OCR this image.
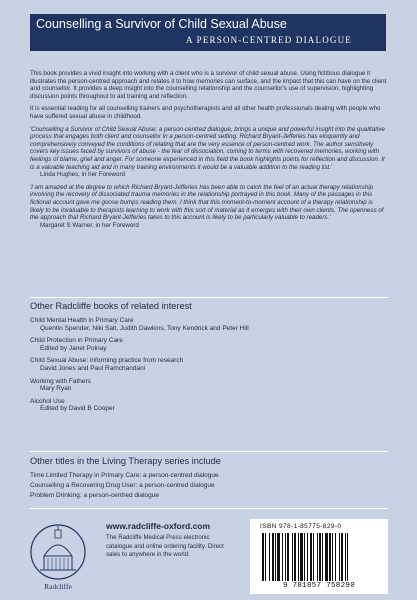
Counselling a Survivor of Child Sexual Abuse
A PERSON-CENTRED DIALOGUE

This book provides a vivid insight into working with a client who is a survivor of child sexual abuse. Using fictitious dialogue it illustrates the person-centred approach and relates it to how memories can surface, and the impact that this can have on the client and counsellor. It provides a deep insight into the counselling relationship and the counsellor's use of supervision, highlighting discussion points throughout to aid training and reflection.

It is essential reading for all counselling trainers and psychotherapists and all other health professionals dealing with people who have suffered sexual abuse in childhood.

'Counselling a Survivor of Child Sexual Abuse: a person-centred dialogue, brings a unique and powerful insight into the qualitative process that engages both client and counsellor in a person-centred setting. Richard Bryant-Jefferies has eloquently and comprehensively conveyed the conditions of relating that are the very essence of person-centred work. The author sensitively covers key issues faced by survivors of abuse - the fear of dissociation, coming to terms with recovered memories, working with feelings of blame, grief and anger. For someone experienced in this field the book highlights points for reflection and discussion. It is a valuable teaching aid and in many training environments it would be a valuable addition to the reading list.'
Linda Hughes, in her Foreword

'I am amazed at the degree to which Richard Bryant-Jefferies has been able to catch the feel of an actual therapy relationship involving the recovery of dissociated trauma memories in the relationship portrayed in this book. Many of the passages in this fictional account gave me goose bumps reading them. I think that this moment-to-moment account of a therapy relationship is likely to be invaluable to therapists learning to work with this sort of material as it emerges with their own clients. The openness of the approach that Richard Bryant-Jefferies takes to this account is likely to be particularly valuable to readers.'
Margaret S Warner, in her Foreword

Other Radcliffe books of related interest
Child Mental Health in Primary Care
Quentin Spender, Niki Salt, Judith Dawkins, Tony Kendrick and Peter Hill
Child Protection in Primary Care
Edited by Janet Polnay
Child Sexual Abuse: informing practice from research
David Jones and Paul Ramchandani
Working with Fathers
Mary Ryan
Alcohol Use
Edited by David B Cooper
Other titles in the Living Therapy series include
Time Limited Therapy in Primary Care: a person-centred dialogue
Counselling a Recovering Drug User: a person-centred dialogue
Problem Drinking: a person-centred dialogue
Radcliffe
www.radcliffe-oxford.com
The Radcliffe Medical Press electronic catalogue and online ordering facility. Direct sales to anywhere in the world.
ISBN 978-1-85775-829-0
9 781857 758290
